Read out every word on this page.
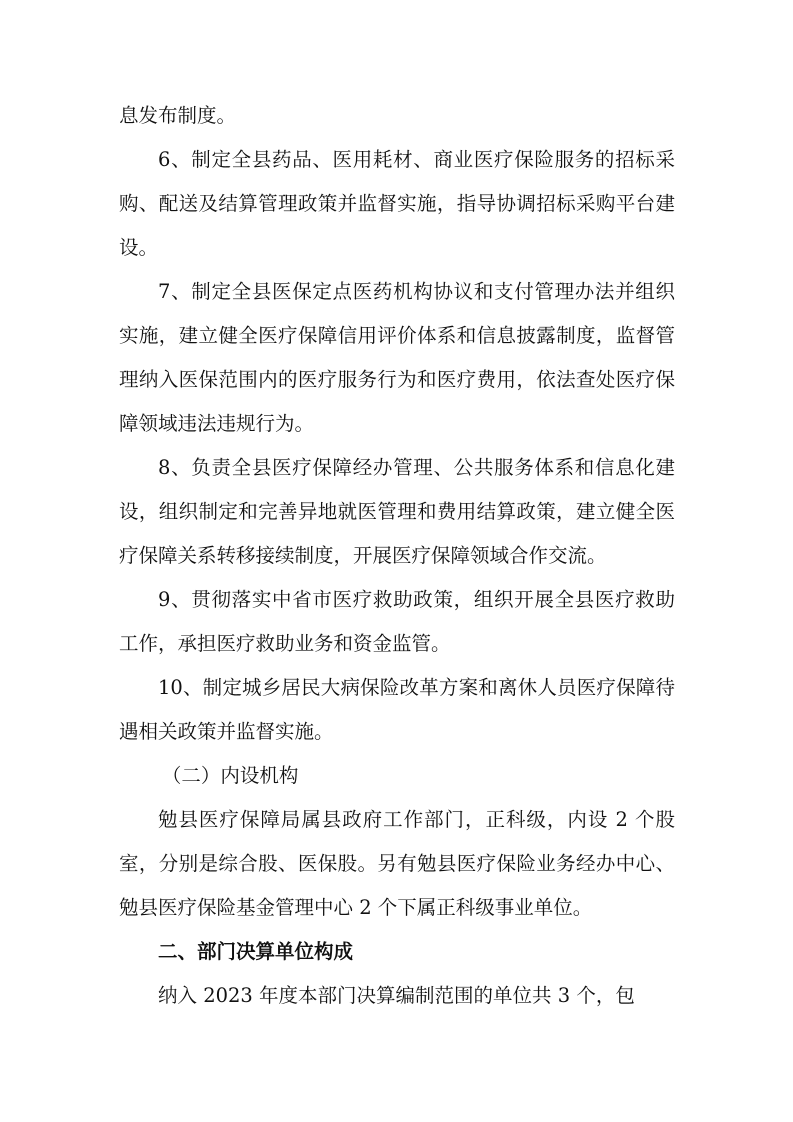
息发布制度。

6、制定全县药品、医用耗材、商业医疗保险服务的招标采购、配送及结算管理政策并监督实施，指导协调招标采购平台建设。

7、制定全县医保定点医药机构协议和支付管理办法并组织实施，建立健全医疗保障信用评价体系和信息披露制度，监督管理纳入医保范围内的医疗服务行为和医疗费用，依法查处医疗保障领域违法违规行为。

8、负责全县医疗保障经办管理、公共服务体系和信息化建设，组织制定和完善异地就医管理和费用结算政策，建立健全医疗保障关系转移接续制度，开展医疗保障领域合作交流。

9、贯彻落实中省市医疗救助政策，组织开展全县医疗救助工作，承担医疗救助业务和资金监管。

10、制定城乡居民大病保险改革方案和离休人员医疗保障待遇相关政策并监督实施。

（二）内设机构

勉县医疗保障局属县政府工作部门，正科级，内设 2 个股室，分别是综合股、医保股。另有勉县医疗保险业务经办中心、勉县医疗保险基金管理中心 2 个下属正科级事业单位。

二、部门决算单位构成

纳入 2023 年度本部门决算编制范围的单位共 3 个，包
